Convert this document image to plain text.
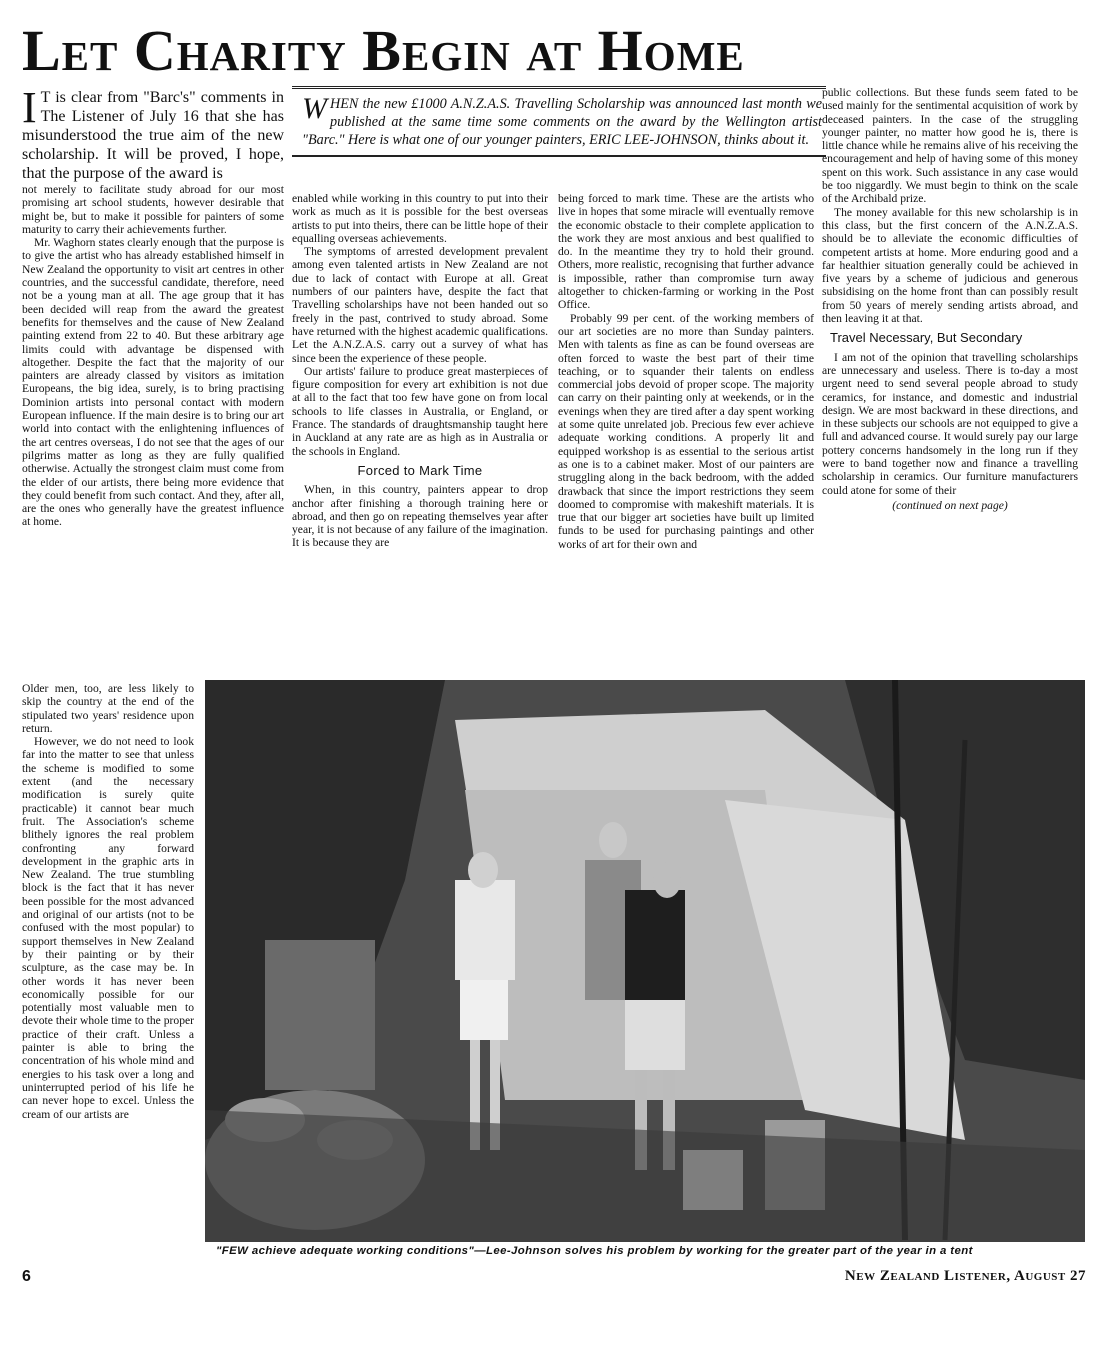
Let Charity Begin at Home
I T is clear from "Barc's" comments in The Listener of July 16 that she has misunderstood the true aim of the new scholarship. It will be proved, I hope, that the purpose of the award is

not merely to facilitate study abroad for our most promising art school students, however desirable that might be, but to make it possible for painters of some maturity to carry their achievements further.

Mr. Waghorn states clearly enough that the purpose is to give the artist who has already established himself in New Zealand the opportunity to visit art centres in other countries, and the successful candidate, therefore, need not be a young man at all. The age group that it has been decided will reap from the award the greatest benefits for themselves and the cause of New Zealand painting extend from 22 to 40. But these arbitrary age limits could with advantage be dispensed with altogether. Despite the fact that the majority of our painters are already classed by visitors as imitation Europeans, the big idea, surely, is to bring practising Dominion artists into personal contact with modern European influence. If the main desire is to bring our art world into contact with the enlightening influences of the art centres overseas, I do not see that the ages of our pilgrims matter as long as they are fully qualified otherwise. Actually the strongest claim must come from the elder of our artists, there being more evidence that they could benefit from such contact. And they, after all, are the ones who generally have the greatest influence at home.

Older men, too, are less likely to skip the country at the end of the stipulated two years' residence upon return.

However, we do not need to look far into the matter to see that unless the scheme is modified to some extent (and the necessary modification is surely quite practicable) it cannot bear much fruit. The Association's scheme blithely ignores the real problem confronting any forward development in the graphic arts in New Zealand. The true stumbling block is the fact that it has never been possible for the most advanced and original of our artists (not to be confused with the most popular) to support themselves in New Zealand by their painting or by their sculpture, as the case may be. In other words it has never been economically possible for our potentially most valuable men to devote their whole time to the proper practice of their craft. Unless a painter is able to bring the concentration of his whole mind and energies to his task over a long and uninterrupted period of his life he can never hope to excel. Unless the cream of our artists are

WHEN the new £1000 A.N.Z.A.S. Travelling Scholarship was announced last month we published at the same time some comments on the award by the Wellington artist "Barc." Here is what one of our younger painters, ERIC LEE-JOHNSON, thinks about it.

enabled while working in this country to put into their work as much as it is possible for the best overseas artists to put into theirs, there can be little hope of their equalling overseas achievements.

The symptoms of arrested development prevalent among even talented artists in New Zealand are not due to lack of contact with Europe at all. Great numbers of our painters have, despite the fact that Travelling scholarships have not been handed out so freely in the past, contrived to study abroad. Some have returned with the highest academic qualifications. Let the A.N.Z.A.S. carry out a survey of what has since been the experience of these people.

Our artists' failure to produce great masterpieces of figure composition for every art exhibition is not due at all to the fact that too few have gone on from local schools to life classes in Australia, or England, or France. The standards of draughtsmanship taught here in Auckland at any rate are as high as in Australia or the schools in England.

Forced to Mark Time

When, in this country, painters appear to drop anchor after finishing a thorough training here or abroad, and then go on repeating themselves year after year, it is not because of any failure of the imagination. It is because they are

being forced to mark time. These are the artists who live in hopes that some miracle will eventually remove the economic obstacle to their complete application to the work they are most anxious and best qualified to do. In the meantime they try to hold their ground. Others, more realistic, recognising that further advance is impossible, rather than compromise turn away altogether to chicken-farming or working in the Post Office.

Probably 99 per cent. of the working members of our art societies are no more than Sunday painters. Men with talents as fine as can be found overseas are often forced to waste the best part of their time teaching, or to squander their talents on endless commercial jobs devoid of proper scope. The majority can carry on their painting only at weekends, or in the evenings when they are tired after a day spent working at some quite unrelated job. Precious few ever achieve adequate working conditions. A properly lit and equipped workshop is as essential to the serious artist as one is to a cabinet maker. Most of our painters are struggling along in the back bedroom, with the added drawback that since the import restrictions they seem doomed to compromise with makeshift materials. It is true that our bigger art societies have built up limited funds to be used for purchasing paintings and other works of art for their own and

public collections. But these funds seem fated to be used mainly for the sentimental acquisition of work by deceased painters. In the case of the struggling younger painter, no matter how good he is, there is little chance while he remains alive of his receiving the encouragement and help of having some of this money spent on this work. Such assistance in any case would be too niggardly. We must begin to think on the scale of the Archibald prize.

The money available for this new scholarship is in this class, but the first concern of the A.N.Z.A.S. should be to alleviate the economic difficulties of competent artists at home. More enduring good and a far healthier situation generally could be achieved in five years by a scheme of judicious and generous subsidising on the home front than can possibly result from 50 years of merely sending artists abroad, and then leaving it at that.

Travel Necessary, But Secondary

I am not of the opinion that travelling scholarships are unnecessary and useless. There is to-day a most urgent need to send several people abroad to study ceramics, for instance, and domestic and industrial design. We are most backward in these directions, and in these subjects our schools are not equipped to give a full and advanced course. It would surely pay our large pottery concerns handsomely in the long run if they were to band together now and finance a travelling scholarship in ceramics. Our furniture manufacturers could atone for some of their

(continued on next page)
"FEW achieve adequate working conditions"—Lee-Johnson solves his problem by working for the greater part of the year in a tent
6	New Zealand Listener, August 27
